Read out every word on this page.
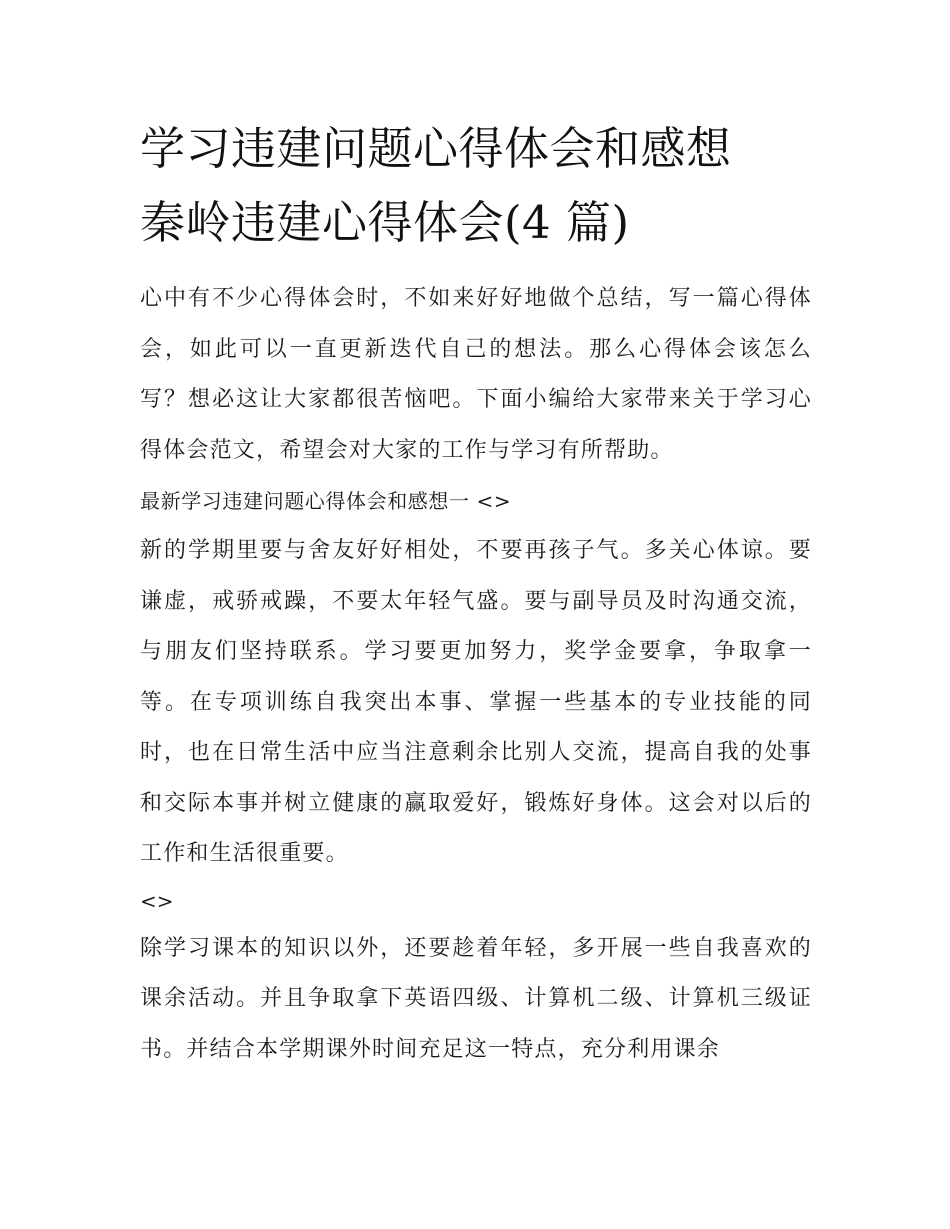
学习违建问题心得体会和感想
秦岭违建心得体会(4 篇)

心中有不少心得体会时，不如来好好地做个总结，写一篇心得体会，如此可以一直更新迭代自己的想法。那么心得体会该怎么写？想必这让大家都很苦恼吧。下面小编给大家带来关于学习心得体会范文，希望会对大家的工作与学习有所帮助。

最新学习违建问题心得体会和感想一 <>

新的学期里要与舍友好好相处，不要再孩子气。多关心体谅。要谦虚，戒骄戒躁，不要太年轻气盛。要与副导员及时沟通交流，与朋友们坚持联系。学习要更加努力，奖学金要拿，争取拿一等。在专项训练自我突出本事、掌握一些基本的专业技能的同时，也在日常生活中应当注意剩余比别人交流，提高自我的处事和交际本事并树立健康的赢取爱好，锻炼好身体。这会对以后的工作和生活很重要。

<>

除学习课本的知识以外，还要趁着年轻，多开展一些自我喜欢的课余活动。并且争取拿下英语四级、计算机二级、计算机三级证书。并结合本学期课外时间充足这一特点，充分利用课余
